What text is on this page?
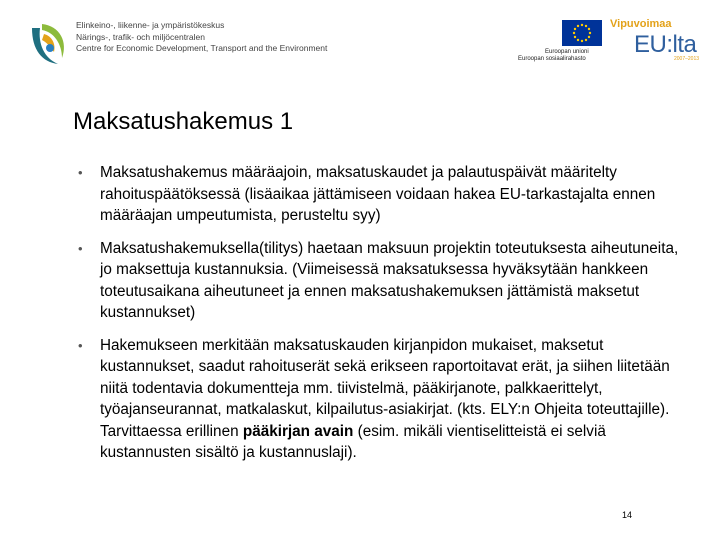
Elinkeino-, liikenne- ja ympäristökeskus
Närings-, trafik- och miljöcentralen
Centre for Economic Development, Transport and the Environment	Euroopan unioni
Euroopan sosiaalirahasto
Vipuvoimaa
EU:lta
2007–2013
Maksatushakemus 1
• Maksatushakemus määräajoin, maksatuskaudet ja palautuspäivät määritelty rahoituspäätöksessä (lisäaikaa jättämiseen voidaan hakea EU-tarkastajalta ennen määräajan umpeutumista, perusteltu syy)
• Maksatushakemuksella(tilitys) haetaan maksuun projektin toteutuksesta aiheutuneita, jo maksettuja kustannuksia. (Viimeisessä maksatuksessa hyväksytään hankkeen toteutusaikana aiheutuneet ja ennen maksatushakemuksen jättämistä maksetut kustannukset)
• Hakemukseen merkitään maksatuskauden kirjanpidon mukaiset, maksetut kustannukset, saadut rahoituserät sekä erikseen raportoitavat erät, ja siihen liitetään niitä todentavia dokumentteja mm. tiivistelmä, pääkirjanote, palkkaerittelyt, työajanseurannat, matkalaskut, kilpailutus-asiakirjat. (kts. ELY:n Ohjeita toteuttajille). Tarvittaessa erillinen pääkirjan avain (esim. mikäli vientiselitteistä ei selviä kustannusten sisältö ja kustannuslaji).
14
